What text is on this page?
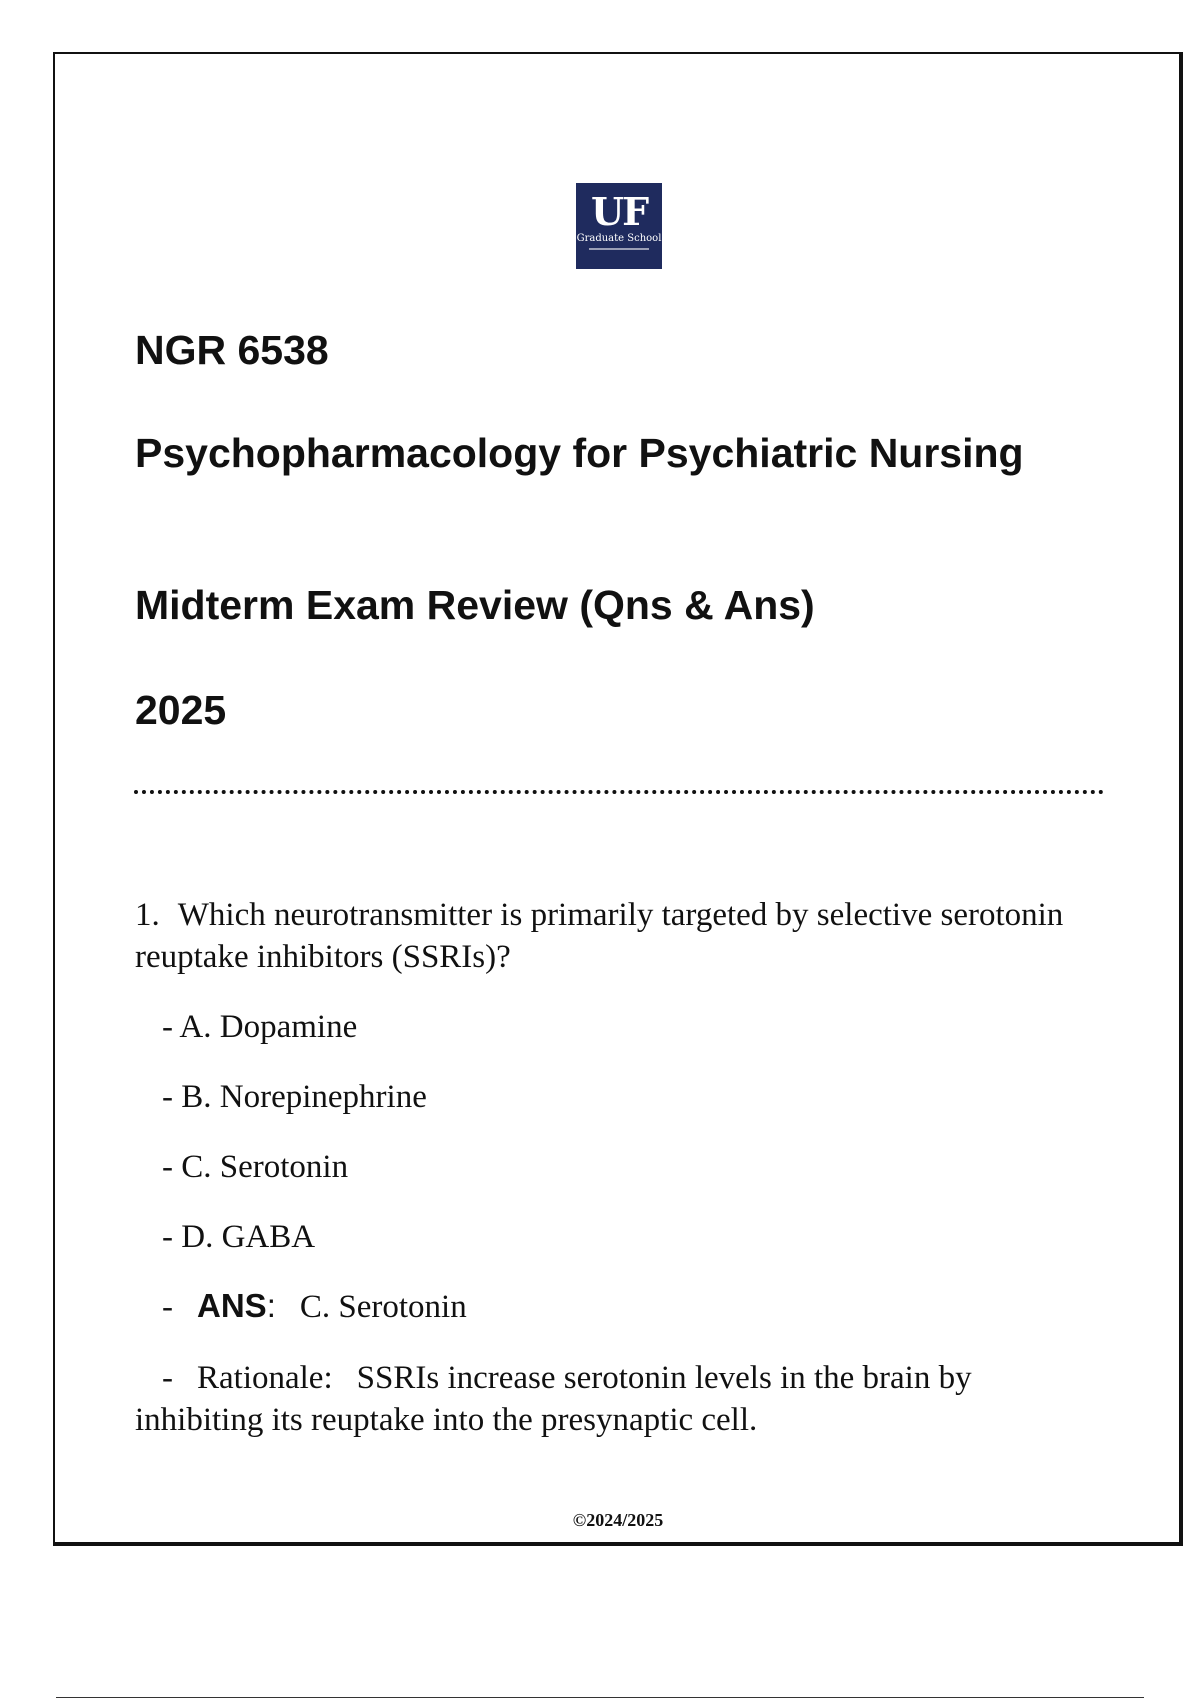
UF
Graduate School
NGR 6538
Psychopharmacology for Psychiatric Nursing
Midterm Exam Review (Qns & Ans)
2025

1. Which neurotransmitter is primarily targeted by selective serotonin reuptake inhibitors (SSRIs)?

- A. Dopamine
- B. Norepinephrine
- C. Serotonin
- D. GABA
- ANS: C. Serotonin
- Rationale: SSRIs increase serotonin levels in the brain by inhibiting its reuptake into the presynaptic cell.
©2024/2025
